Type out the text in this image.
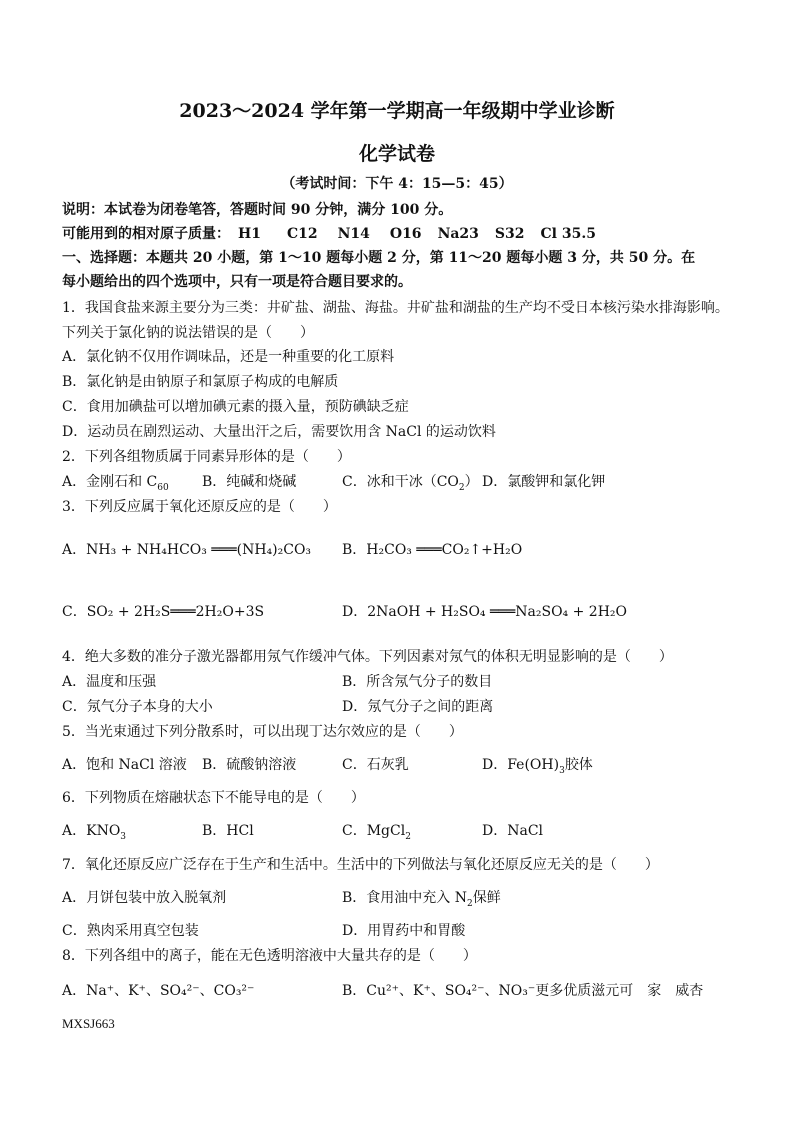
2023～2024 学年第一学期高一年级期中学业诊断
化学试卷
（考试时间：下午 4：15—5：45）
说明：本试卷为闭卷笔答，答题时间 90 分钟，满分 100 分。
可能用到的相对原子质量： H1 C12 N14 O16 Na23 S32 Cl 35.5
一、选择题：本题共 20 小题，第 1～10 题每小题 2 分，第 11～20 题每小题 3 分，共 50 分。在
每小题给出的四个选项中，只有一项是符合题目要求的。
1．我国食盐来源主要分为三类：井矿盐、湖盐、海盐。井矿盐和湖盐的生产均不受日本核污染水排海影响。
下列关于氯化钠的说法错误的是（　　）
A．氯化钠不仅用作调味品，还是一种重要的化工原料
B．氯化钠是由钠原子和氯原子构成的电解质
C．食用加碘盐可以增加碘元素的摄入量，预防碘缺乏症
D．运动员在剧烈运动、大量出汗之后，需要饮用含 NaCl 的运动饮料
2．下列各组物质属于同素异形体的是（　　）
A．金刚石和 $C_{60}$ B．纯碱和烧碱	C．冰和干冰$(CO_2)$ D．氯酸钾和氯化钾
3．下列反应属于氧化还原反应的是（　　）
A．NH₃ + NH₄HCO₃ ═══(NH₄)₂CO₃ B．H₂CO₃ ═══CO₂↑+H₂O
C．SO₂ + 2H₂S═══2H₂O+3S	D．2NaOH + H₂SO₄ ═══Na₂SO₄ + 2H₂O
4．绝大多数的准分子激光器都用氖气作缓冲气体。下列因素对氖气的体积无明显影响的是（　　）
A．温度和压强	B．所含氖气分子的数目
C．氖气分子本身的大小	D．氖气分子之间的距离
5．当光束通过下列分散系时，可以出现丁达尔效应的是（　　）
A．饱和 NaCl 溶液 B．硫酸钠溶液	C．石灰乳	D．$Fe(OH)_3$胶体
6．下列物质在熔融状态下不能导电的是（　　）
A．$KNO_3$	B．HCl	C．MgCl$_2$	D．NaCl
7．氧化还原反应广泛存在于生产和生活中。生活中的下列做法与氧化还原反应无关的是（　　）
A．月饼包装中放入脱氧剂	B．食用油中充入 $N_2$保鲜
C．熟肉采用真空包装	D．用胃药中和胃酸
8．下列各组中的离子，能在无色透明溶液中大量共存的是（　　）
A．Na⁺、K⁺、SO₄²⁻、CO₃²⁻	B．Cu²⁺、K⁺、SO₄²⁻、NO₃⁻更多优质滋元可　家　威杏
MXSJ663
